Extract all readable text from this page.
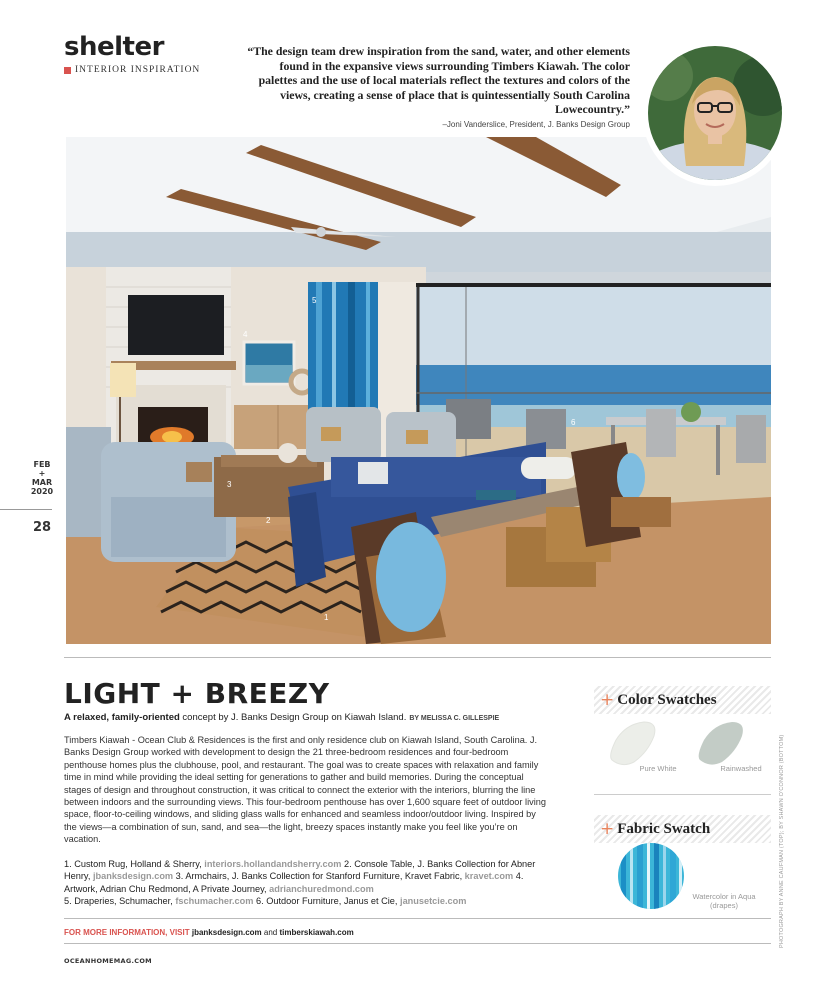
shelter
INTERIOR INSPIRATION
“The design team drew inspiration from the sand, water, and other elements found in the expansive views surrounding Timbers Kiawah. The color palettes and the use of local materials reflect the textures and colors of the views, creating a sense of place that is quintessentially South Carolina Lowecountry.”
–Joni Vanderslice, President, J. Banks Design Group
1
2
3
4
5
6
FEB
+
MAR
2020
28
LIGHT + BREEZY
A relaxed, family-oriented concept by J. Banks Design Group on Kiawah Island. BY MELISSA C. GILLESPIE
Timbers Kiawah - Ocean Club & Residences is the first and only residence club on Kiawah Island, South Carolina. J. Banks Design Group worked with development to design the 21 three-bedroom residences and four-bedroom penthouse homes plus the clubhouse, pool, and restaurant. The goal was to create spaces with relaxation and family time in mind while providing the ideal setting for generations to gather and build memories. During the conceptual stages of design and throughout construction, it was critical to connect the exterior with the interiors, blurring the line between indoors and the surrounding views. This four-bedroom penthouse has over 1,600 square feet of outdoor living space, floor-to-ceiling windows, and sliding glass walls for enhanced and seamless indoor/outdoor living. Inspired by the views—a combination of sun, sand, and sea—the light, breezy spaces instantly make you feel like you’re on vacation.
1. Custom Rug, Holland & Sherry, interiors.hollandandsherry.com 2. Console Table, J. Banks Collection for Abner Henry, jbanksdesign.com 3. Armchairs, J. Banks Collection for Stanford Furniture, Kravet Fabric, kravet.com 4. Artwork, Adrian Chu Redmond, A Private Journey, adrianchuredmond.com
5. Draperies, Schumacher, fschumacher.com 6. Outdoor Furniture, Janus et Cie, janusetcie.com
FOR MORE INFORMATION, VISIT jbanksdesign.com and timberskiawah.com
OCEANHOMEMAG.COM
+ Color Swatches
Pure White	Rainwashed
+ Fabric Swatch
Watercolor in Aqua
(drapes)	PHOTOGRAPH BY ANNE CAUFMAN (TOP); BY SHAWN O'CONNOR (BOTTOM)
